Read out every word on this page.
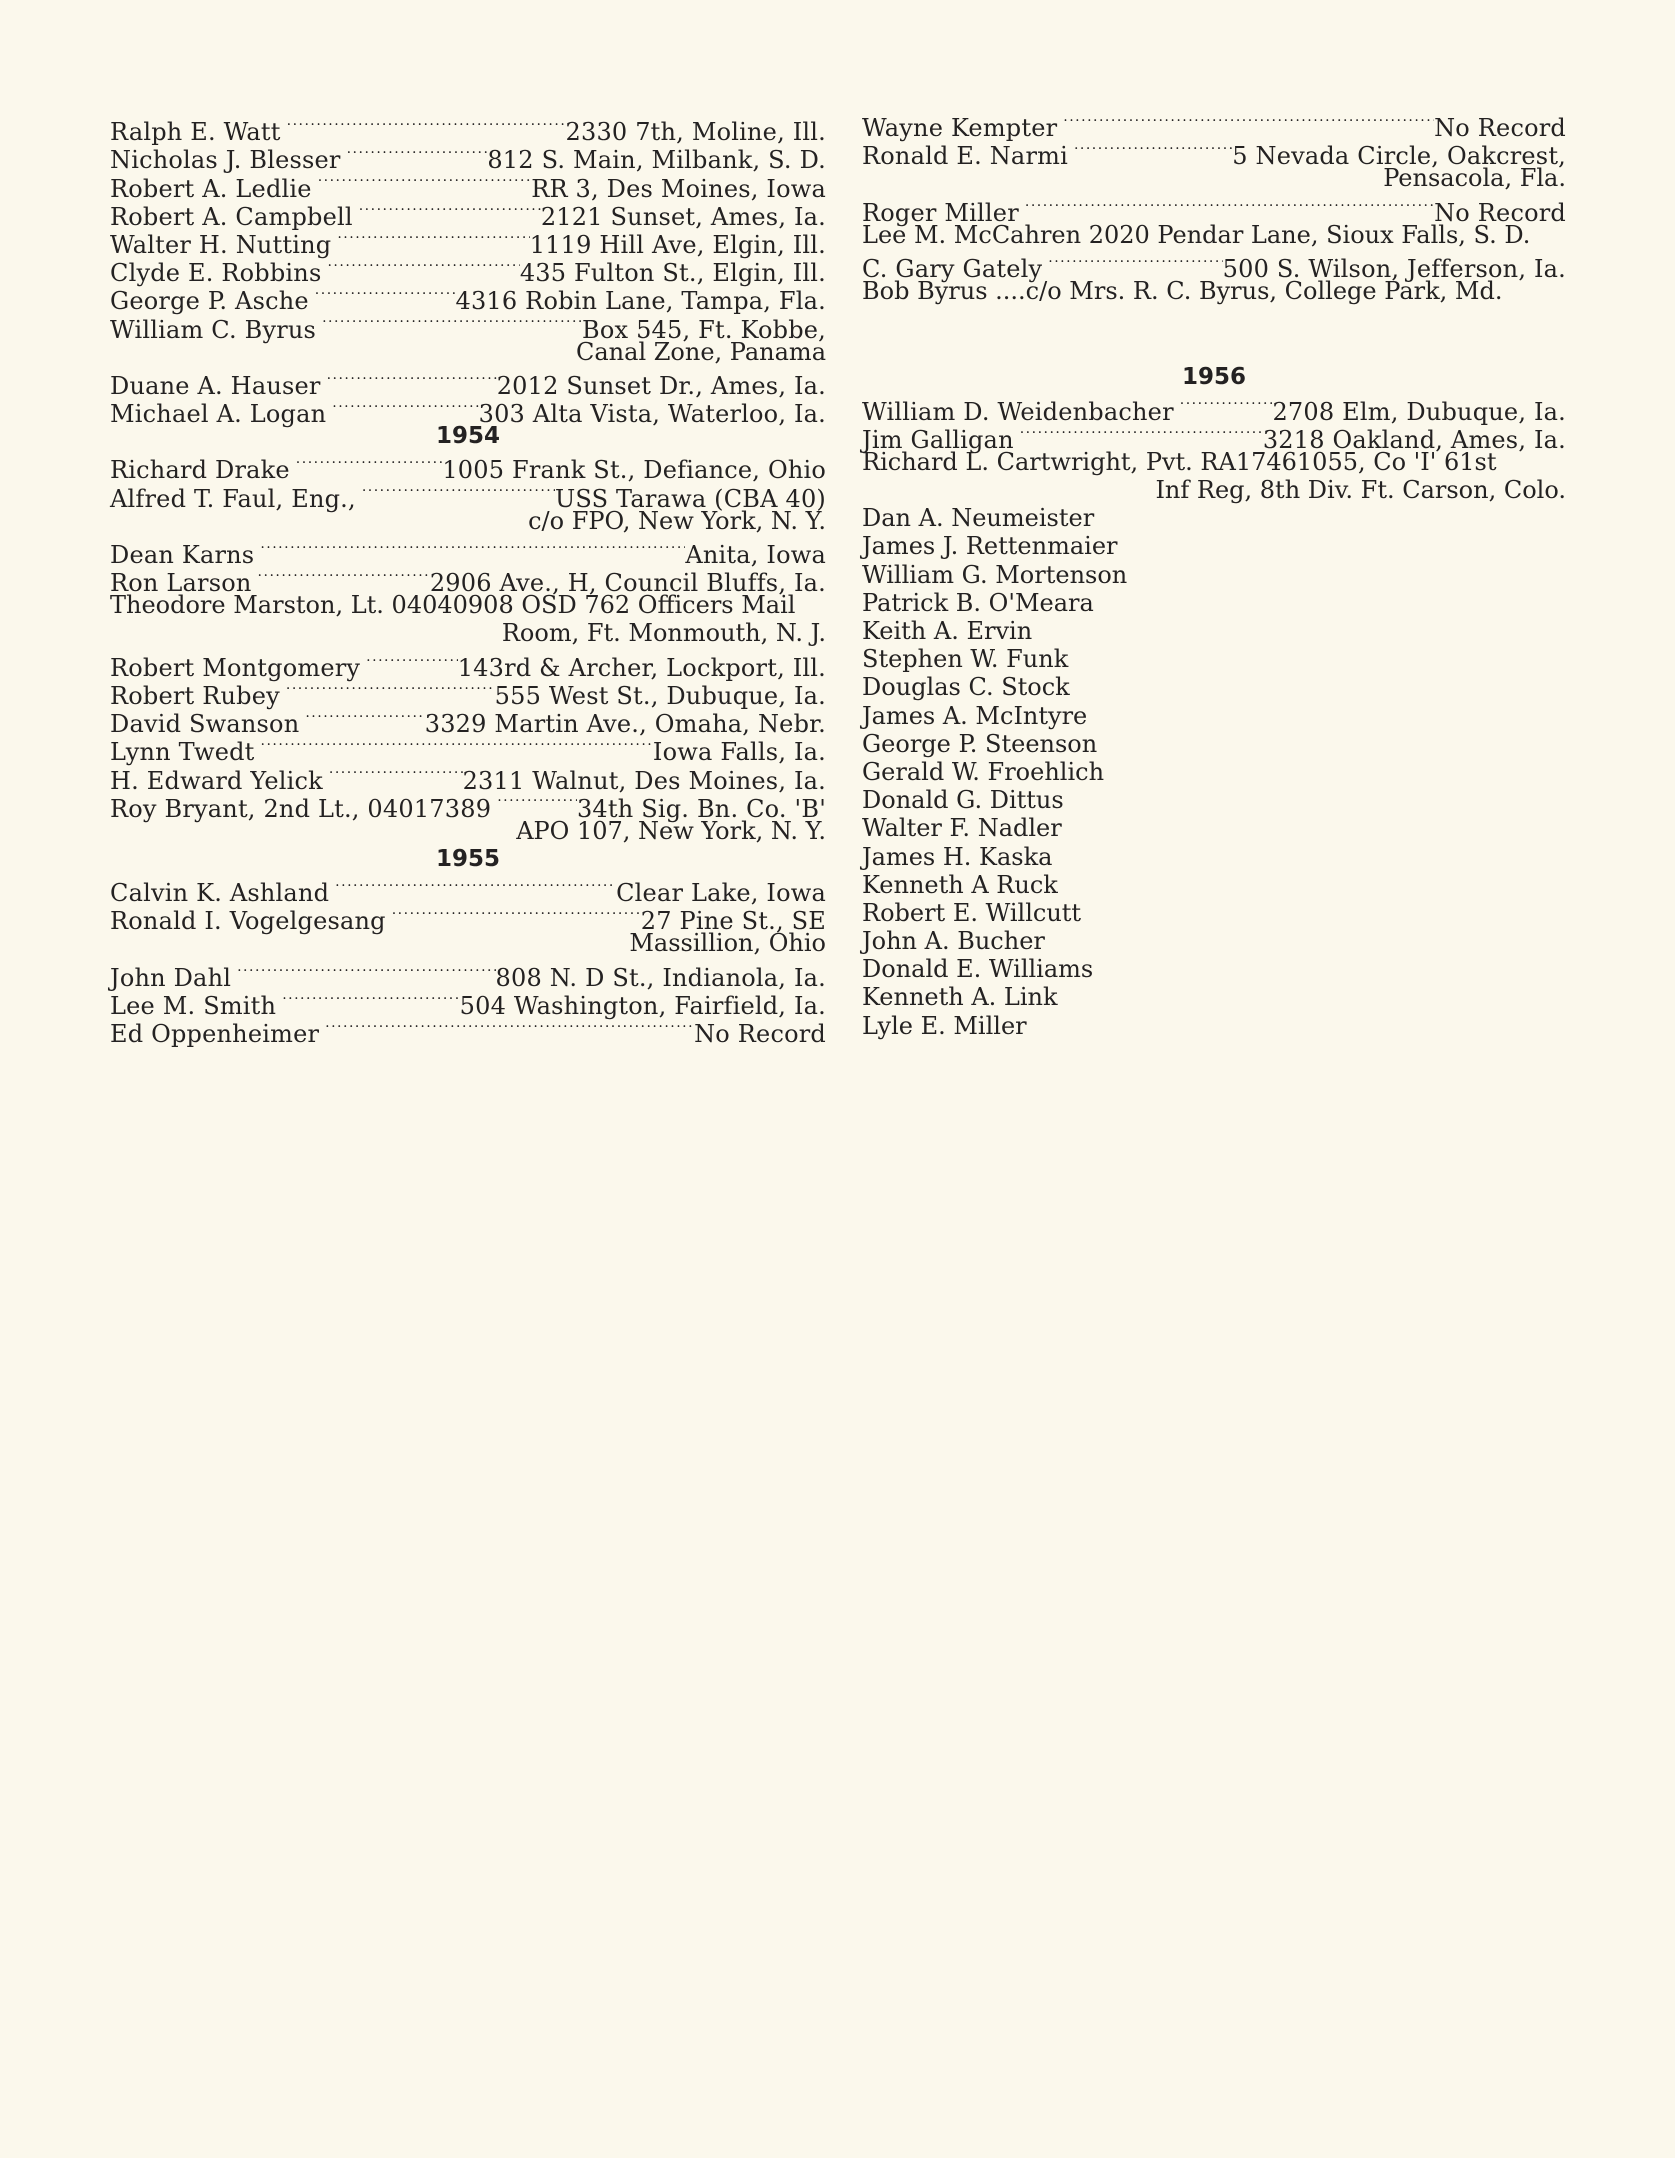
Ralph E. Watt .....	2330 7th, Moline, Ill.
Nicholas J. Blesser .....	812 S. Main, Milbank, S. D.
Robert A. Ledlie .....	RR 3, Des Moines, Iowa
Robert A. Campbell .....	2121 Sunset, Ames, Ia.
Walter H. Nutting .....	1119 Hill Ave, Elgin, Ill.
Clyde E. Robbins .....	435 Fulton St., Elgin, Ill.
George P. Asche .....	4316 Robin Lane, Tampa, Fla.
William C. Byrus .....	Box 545, Ft. Kobbe,
Canal Zone, Panama
Duane A. Hauser .....	2012 Sunset Dr., Ames, Ia.
Michael A. Logan .....	303 Alta Vista, Waterloo, Ia.
1954
Richard Drake .....	1005 Frank St., Defiance, Ohio
Alfred T. Faul, Eng., .....	USS Tarawa (CBA 40)
c/o FPO, New York, N. Y.
Dean Karns .....	Anita, Iowa
Ron Larson .....	2906 Ave., H, Council Bluffs, Ia.
Theodore Marston, Lt. 04040908 OSD 762 Officers Mail
Room, Ft. Monmouth, N. J.
Robert Montgomery .....	143rd & Archer, Lockport, Ill.
Robert Rubey .....	555 West St., Dubuque, Ia.
David Swanson .....	3329 Martin Ave., Omaha, Nebr.
Lynn Twedt .....	Iowa Falls, Ia.
H. Edward Yelick .....	2311 Walnut, Des Moines, Ia.
Roy Bryant, 2nd Lt., 04017389 .....	34th Sig. Bn. Co. 'B'
APO 107, New York, N. Y.
1955
Calvin K. Ashland .....	Clear Lake, Iowa
Ronald I. Vogelgesang .....	27 Pine St., SE
Massillion, Ohio
John Dahl .....	808 N. D St., Indianola, Ia.
Lee M. Smith .....	504 Washington, Fairfield, Ia.
Ed Oppenheimer .....	No Record
Wayne Kempter .....	No Record
Ronald E. Narmi .....	5 Nevada Circle, Oakcrest,
Pensacola, Fla.
Roger Miller .....	No Record
Lee M. McCahren 2020 Pendar Lane, Sioux Falls, S. D.
C. Gary Gately .....	500 S. Wilson, Jefferson, Ia.
Bob Byrus ....c/o Mrs. R. C. Byrus, College Park, Md.
1956
William D. Weidenbacher .....	2708 Elm, Dubuque, Ia.
Jim Galligan .....	3218 Oakland, Ames, Ia.
Richard L. Cartwright, Pvt. RA17461055, Co 'I' 61st
Inf Reg, 8th Div. Ft. Carson, Colo.
Dan A. Neumeister
James J. Rettenmaier
William G. Mortenson
Patrick B. O'Meara
Keith A. Ervin
Stephen W. Funk
Douglas C. Stock
James A. McIntyre
George P. Steenson
Gerald W. Froehlich
Donald G. Dittus
Walter F. Nadler
James H. Kaska
Kenneth A Ruck
Robert E. Willcutt
John A. Bucher
Donald E. Williams
Kenneth A. Link
Lyle E. Miller
